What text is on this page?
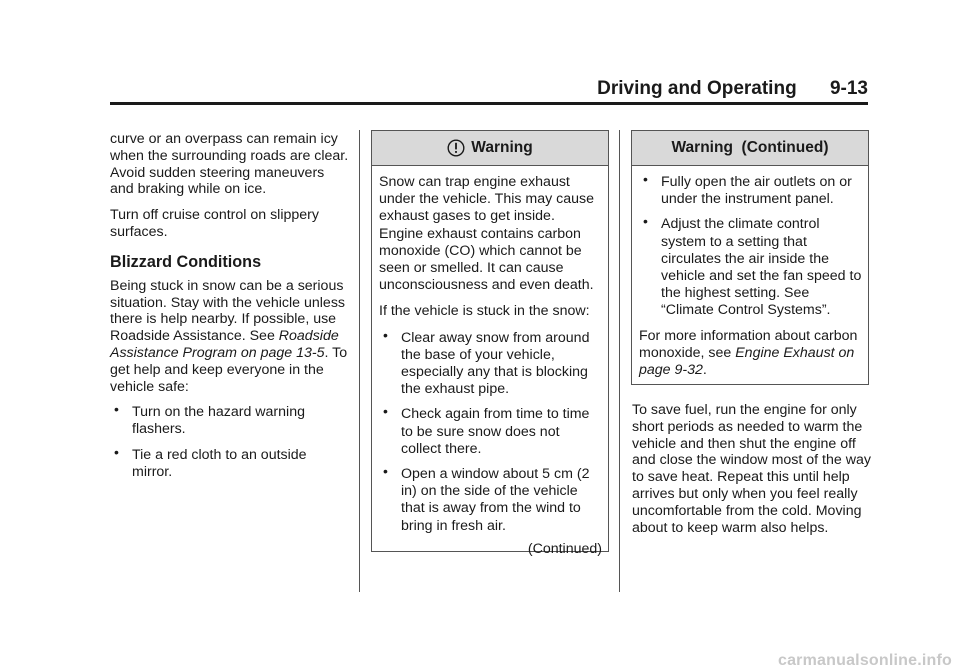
Driving and Operating 9-13

curve or an overpass can remain icy when the surrounding roads are clear. Avoid sudden steering maneuvers and braking while on ice.

Turn off cruise control on slippery surfaces.

Blizzard Conditions

Being stuck in snow can be a serious situation. Stay with the vehicle unless there is help nearby. If possible, use Roadside Assistance. See Roadside Assistance Program on page 13-5. To get help and keep everyone in the vehicle safe:

• Turn on the hazard warning flashers.
• Tie a red cloth to an outside mirror.
Warning

Snow can trap engine exhaust under the vehicle. This may cause exhaust gases to get inside. Engine exhaust contains carbon monoxide (CO) which cannot be seen or smelled. It can cause unconsciousness and even death.

If the vehicle is stuck in the snow:

• Clear away snow from around the base of your vehicle, especially any that is blocking the exhaust pipe.
• Check again from time to time to be sure snow does not collect there.
• Open a window about 5 cm (2 in) on the side of the vehicle that is away from the wind to bring in fresh air.
(Continued)
Warning  (Continued)
• Fully open the air outlets on or under the instrument panel.
• Adjust the climate control system to a setting that circulates the air inside the vehicle and set the fan speed to the highest setting. See “Climate Control Systems”.

For more information about carbon monoxide, see Engine Exhaust on page 9-32.

To save fuel, run the engine for only short periods as needed to warm the vehicle and then shut the engine off and close the window most of the way to save heat. Repeat this until help arrives but only when you feel really uncomfortable from the cold. Moving about to keep warm also helps.
carmanualsonline.info
